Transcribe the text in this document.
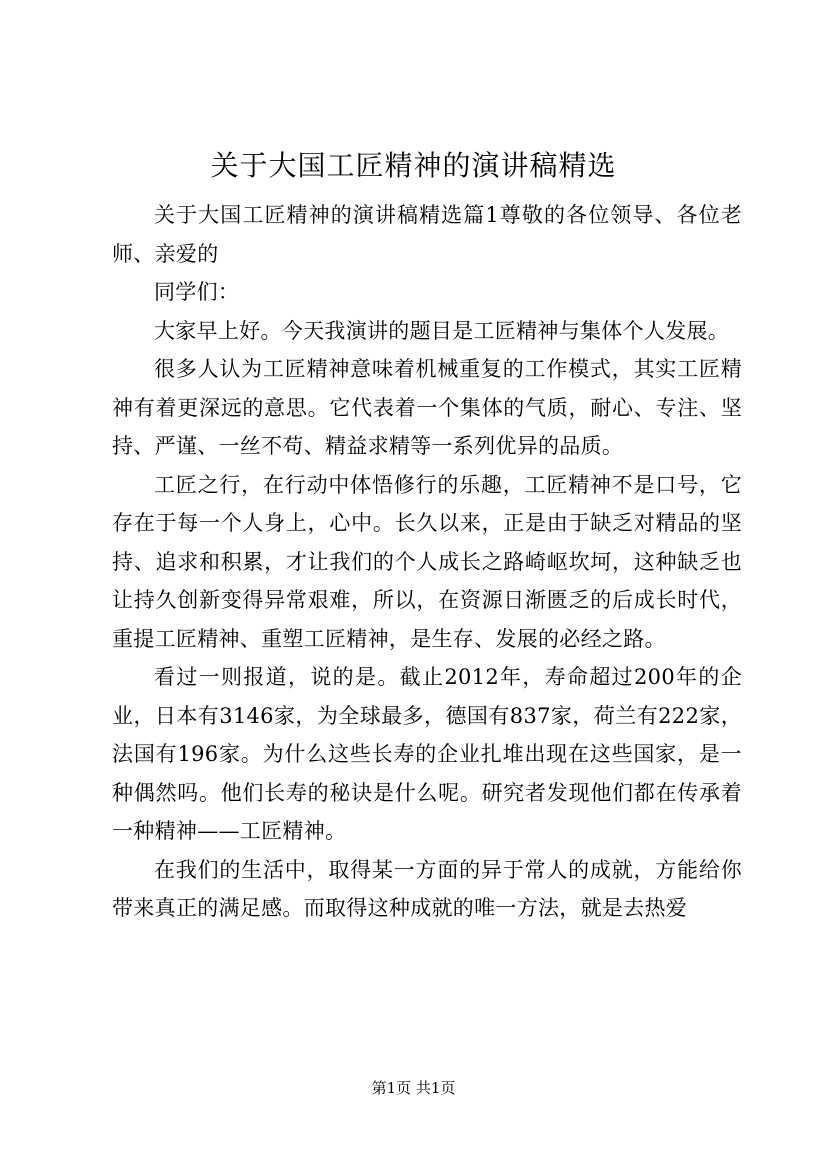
关于大国工匠精神的演讲稿精选

关于大国工匠精神的演讲稿精选篇1尊敬的各位领导、各位老师、亲爱的

同学们：

大家早上好。今天我演讲的题目是工匠精神与集体个人发展。

很多人认为工匠精神意味着机械重复的工作模式，其实工匠精神有着更深远的意思。它代表着一个集体的气质，耐心、专注、坚持、严谨、一丝不苟、精益求精等一系列优异的品质。

工匠之行，在行动中体悟修行的乐趣，工匠精神不是口号，它存在于每一个人身上，心中。长久以来，正是由于缺乏对精品的坚持、追求和积累，才让我们的个人成长之路崎岖坎坷，这种缺乏也让持久创新变得异常艰难，所以，在资源日渐匮乏的后成长时代，重提工匠精神、重塑工匠精神，是生存、发展的必经之路。

看过一则报道，说的是。截止2012年，寿命超过200年的企业，日本有3146家，为全球最多，德国有837家，荷兰有222家，法国有196家。为什么这些长寿的企业扎堆出现在这些国家，是一种偶然吗。他们长寿的秘诀是什么呢。研究者发现他们都在传承着一种精神——工匠精神。

在我们的生活中，取得某一方面的异于常人的成就，方能给你带来真正的满足感。而取得这种成就的唯一方法，就是去热爱

第1页 共1页
